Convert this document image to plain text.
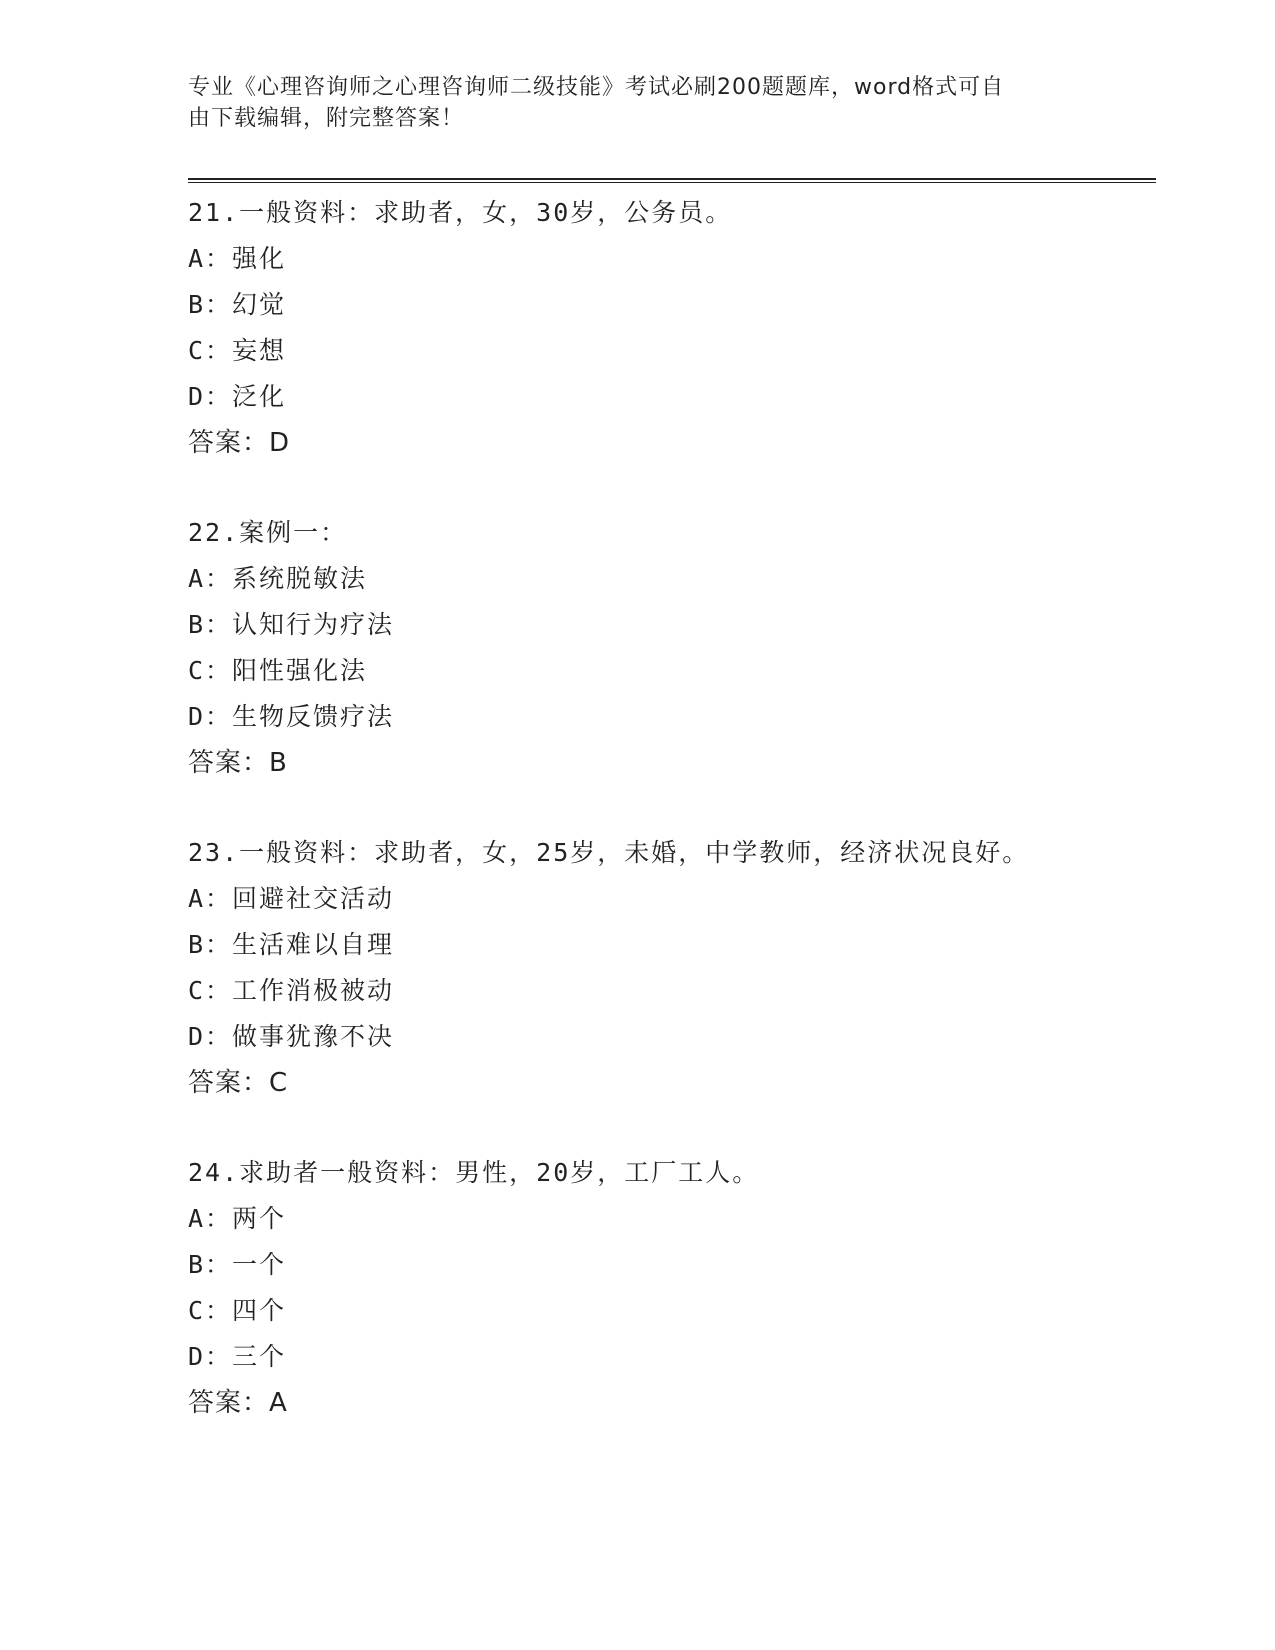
专业《心理咨询师之心理咨询师二级技能》考试必刷200题题库，word格式可自
由下载编辑，附完整答案！
21.一般资料：求助者，女，30岁，公务员。
A：强化
B：幻觉
C：妄想
D：泛化
答案：D
22.案例一：
A：系统脱敏法
B：认知行为疗法
C：阳性强化法
D：生物反馈疗法
答案：B
23.一般资料：求助者，女，25岁，未婚，中学教师，经济状况良好。
A：回避社交活动
B：生活难以自理
C：工作消极被动
D：做事犹豫不决
答案：C
24.求助者一般资料：男性，20岁，工厂工人。
A：两个
B：一个
C：四个
D：三个
答案：A
